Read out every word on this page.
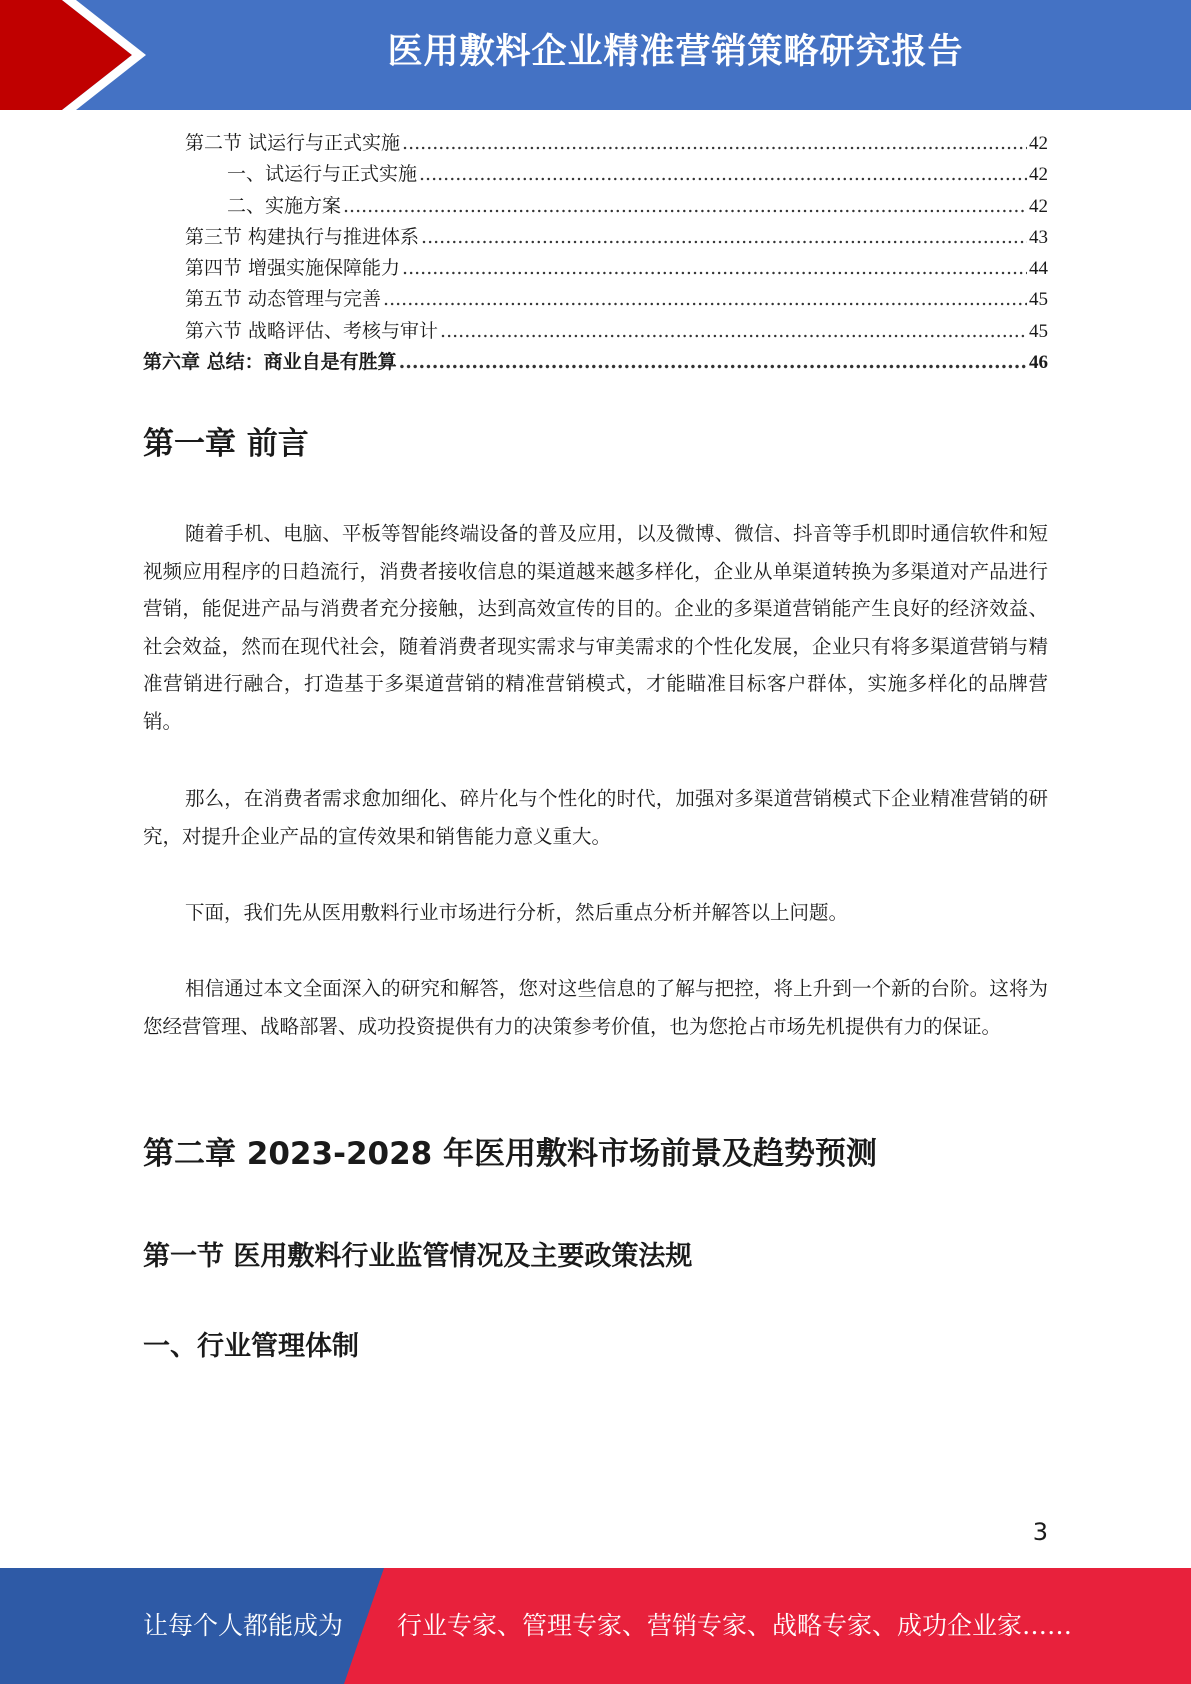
医用敷料企业精准营销策略研究报告
第二节 试运行与正式实施 .....	42
一、试运行与正式实施 .....	42
二、实施方案 .....	42
第三节 构建执行与推进体系 .....	43
第四节 增强实施保障能力 .....	44
第五节 动态管理与完善 .....	45
第六节 战略评估、考核与审计 .....	45
第六章 总结：商业自是有胜算 .....	46
第一章 前言

随着手机、电脑、平板等智能终端设备的普及应用，以及微博、微信、抖音等手机即时通信软件和短视频应用程序的日趋流行，消费者接收信息的渠道越来越多样化，企业从单渠道转换为多渠道对产品进行营销，能促进产品与消费者充分接触，达到高效宣传的目的。企业的多渠道营销能产生良好的经济效益、社会效益，然而在现代社会，随着消费者现实需求与审美需求的个性化发展，企业只有将多渠道营销与精准营销进行融合，打造基于多渠道营销的精准营销模式，才能瞄准目标客户群体，实施多样化的品牌营销。

那么，在消费者需求愈加细化、碎片化与个性化的时代，加强对多渠道营销模式下企业精准营销的研究，对提升企业产品的宣传效果和销售能力意义重大。

下面，我们先从医用敷料行业市场进行分析，然后重点分析并解答以上问题。

相信通过本文全面深入的研究和解答，您对这些信息的了解与把控，将上升到一个新的台阶。这将为您经营管理、战略部署、成功投资提供有力的决策参考价值，也为您抢占市场先机提供有力的保证。

第二章 2023-2028 年医用敷料市场前景及趋势预测
第一节 医用敷料行业监管情况及主要政策法规
一、行业管理体制
3
让每个人都能成为 行业专家、管理专家、营销专家、战略专家、成功企业家……
